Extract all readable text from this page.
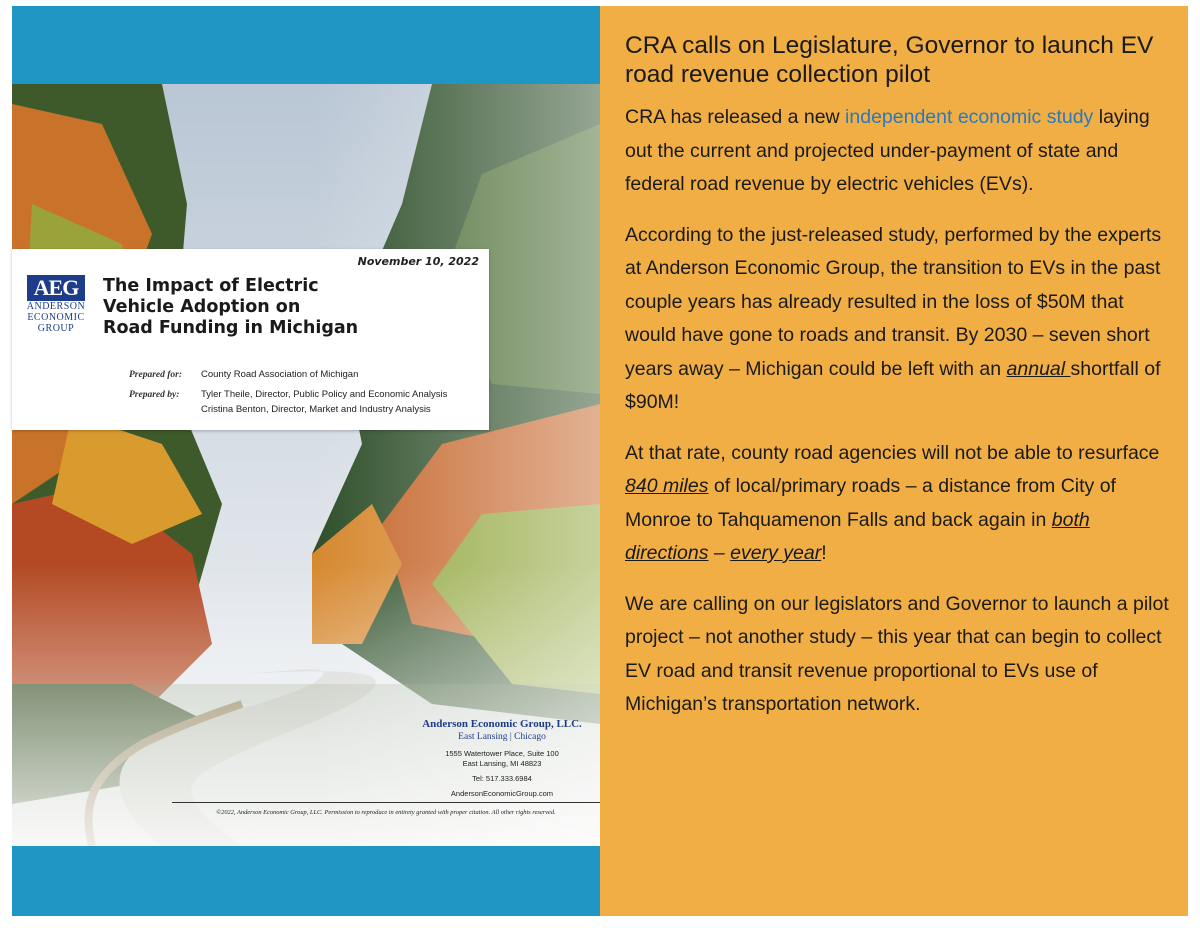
November 10, 2022
AEG
ANDERSON
ECONOMIC
GROUP
The Impact of Electric
Vehicle Adoption on
Road Funding in Michigan
Prepared for: County Road Association of Michigan
Prepared by: Tyler Theile, Director, Public Policy and Economic Analysis
Cristina Benton, Director, Market and Industry Analysis
Anderson Economic Group, LLC.
East Lansing | Chicago
1555 Watertower Place, Suite 100
East Lansing, MI 48823
Tel: 517.333.6984
AndersonEconomicGroup.com
©2022, Anderson Economic Group, LLC. Permission to reproduce in entirety granted with proper citation. All other rights reserved.
CRA calls on Legislature, Governor to launch EV road revenue collection pilot

CRA has released a new independent economic study laying out the current and projected under-payment of state and federal road revenue by electric vehicles (EVs).

According to the just-released study, performed by the experts at Anderson Economic Group, the transition to EVs in the past couple years has already resulted in the loss of $50M that would have gone to roads and transit. By 2030 – seven short years away – Michigan could be left with an annual shortfall of $90M!

At that rate, county road agencies will not be able to resurface 840 miles of local/primary roads – a distance from City of Monroe to Tahquamenon Falls and back again in both directions – every year!

We are calling on our legislators and Governor to launch a pilot project – not another study – this year that can begin to collect EV road and transit revenue proportional to EVs use of Michigan’s transportation network.
